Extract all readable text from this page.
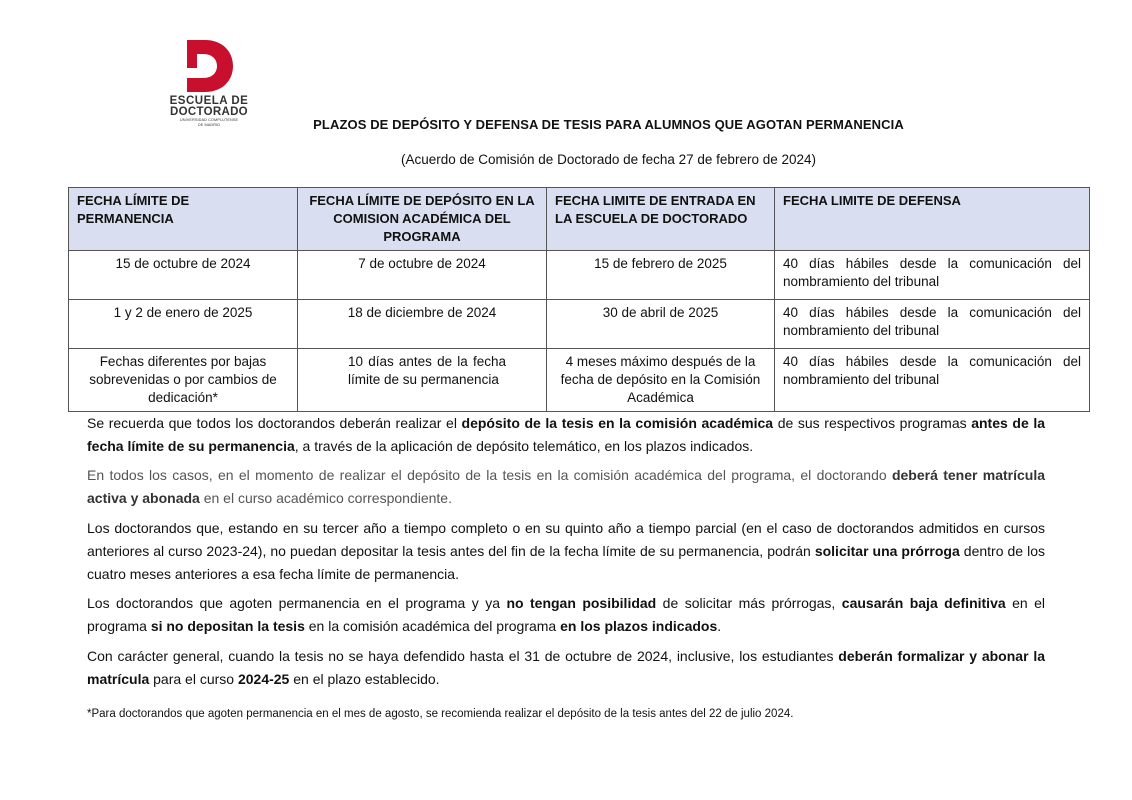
ESCUELA DE
DOCTORADO
UNIVERSIDAD COMPLUTENSE
DE MADRID	PLAZOS DE DEPÓSITO Y DEFENSA DE TESIS PARA ALUMNOS QUE AGOTAN PERMANENCIA
(Acuerdo de Comisión de Doctorado de fecha 27 de febrero de 2024)
FECHA LÍMITE DE PERMANENCIA	FECHA LÍMITE DE DEPÓSITO EN LA COMISION ACADÉMICA DEL PROGRAMA	FECHA LIMITE DE ENTRADA EN LA ESCUELA DE DOCTORADO	FECHA LIMITE DE DEFENSA
15 de octubre de 2024	7 de octubre de 2024	15 de febrero de 2025	40 días hábiles desde la comunicación del nombramiento del tribunal
1 y 2 de enero de 2025	18 de diciembre de 2024	30 de abril de 2025	40 días hábiles desde la comunicación del nombramiento del tribunal
Fechas diferentes por bajas sobrevenidas o por cambios de dedicación*	10 días antes de la fecha límite de su permanencia	4 meses máximo después de la fecha de depósito en la Comisión Académica	40 días hábiles desde la comunicación del nombramiento del tribunal

Se recuerda que todos los doctorandos deberán realizar el depósito de la tesis en la comisión académica de sus respectivos programas antes de la fecha límite de su permanencia, a través de la aplicación de depósito telemático, en los plazos indicados.

En todos los casos, en el momento de realizar el depósito de la tesis en la comisión académica del programa, el doctorando deberá tener matrícula activa y abonada en el curso académico correspondiente.

Los doctorandos que, estando en su tercer año a tiempo completo o en su quinto año a tiempo parcial (en el caso de doctorandos admitidos en cursos anteriores al curso 2023-24), no puedan depositar la tesis antes del fin de la fecha límite de su permanencia, podrán solicitar una prórroga dentro de los cuatro meses anteriores a esa fecha límite de permanencia.

Los doctorandos que agoten permanencia en el programa y ya no tengan posibilidad de solicitar más prórrogas, causarán baja definitiva en el programa si no depositan la tesis en la comisión académica del programa en los plazos indicados.

Con carácter general, cuando la tesis no se haya defendido hasta el 31 de octubre de 2024, inclusive, los estudiantes deberán formalizar y abonar la matrícula para el curso 2024-25 en el plazo establecido.

*Para doctorandos que agoten permanencia en el mes de agosto, se recomienda realizar el depósito de la tesis antes del 22 de julio 2024.
